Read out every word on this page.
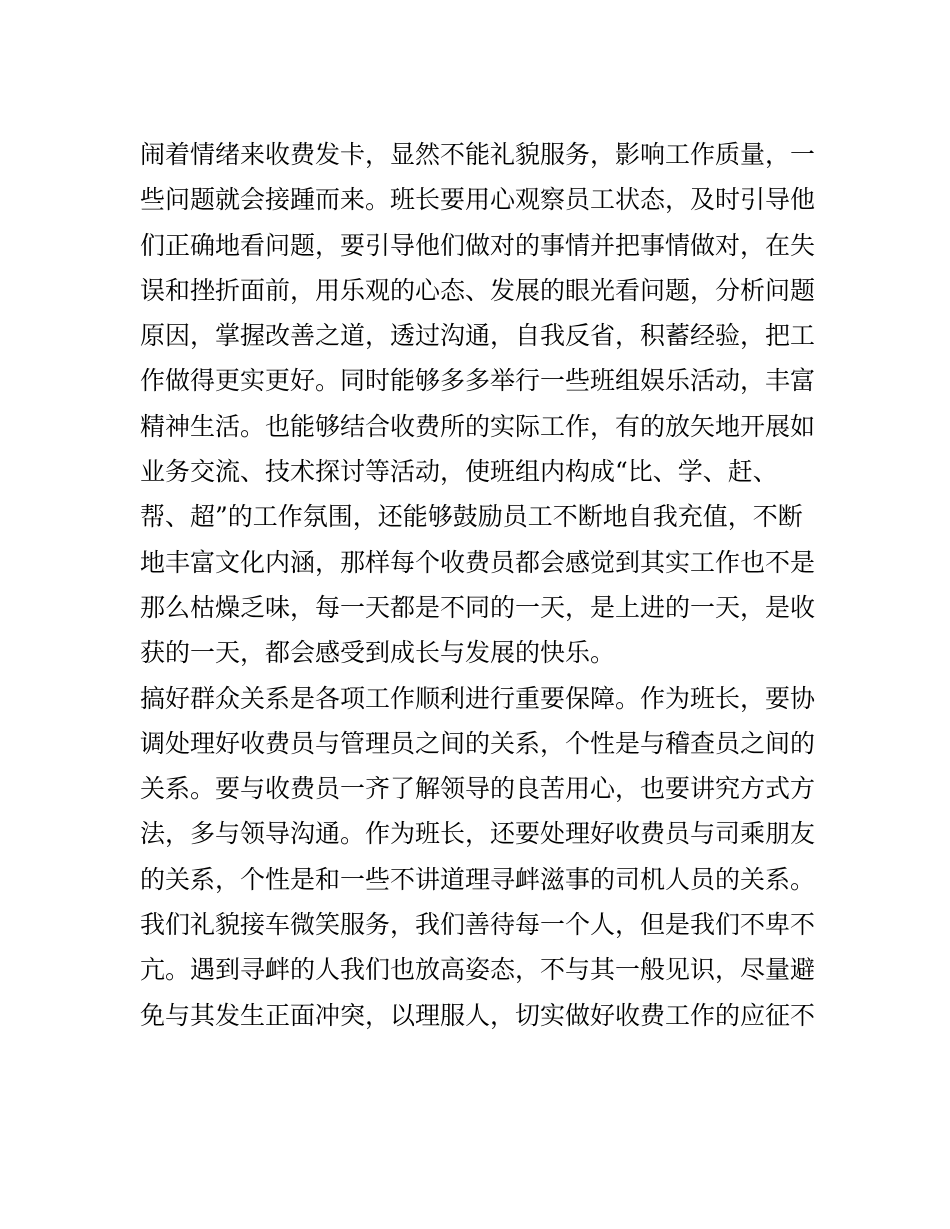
闹着情绪来收费发卡，显然不能礼貌服务，影响工作质量，一
些问题就会接踵而来。班长要用心观察员工状态，及时引导他
们正确地看问题，要引导他们做对的事情并把事情做对，在失
误和挫折面前，用乐观的心态、发展的眼光看问题，分析问题
原因，掌握改善之道，透过沟通，自我反省，积蓄经验，把工
作做得更实更好。同时能够多多举行一些班组娱乐活动，丰富
精神生活。也能够结合收费所的实际工作，有的放矢地开展如
业务交流、技术探讨等活动，使班组内构成“比、学、赶、
帮、超”的工作氛围，还能够鼓励员工不断地自我充值，不断
地丰富文化内涵，那样每个收费员都会感觉到其实工作也不是
那么枯燥乏味，每一天都是不同的一天，是上进的一天，是收
获的一天，都会感受到成长与发展的快乐。
搞好群众关系是各项工作顺利进行重要保障。作为班长，要协
调处理好收费员与管理员之间的关系，个性是与稽查员之间的
关系。要与收费员一齐了解领导的良苦用心，也要讲究方式方
法，多与领导沟通。作为班长，还要处理好收费员与司乘朋友
的关系，个性是和一些不讲道理寻衅滋事的司机人员的关系。
我们礼貌接车微笑服务，我们善待每一个人，但是我们不卑不
亢。遇到寻衅的人我们也放高姿态，不与其一般见识，尽量避
免与其发生正面冲突，以理服人，切实做好收费工作的应征不
